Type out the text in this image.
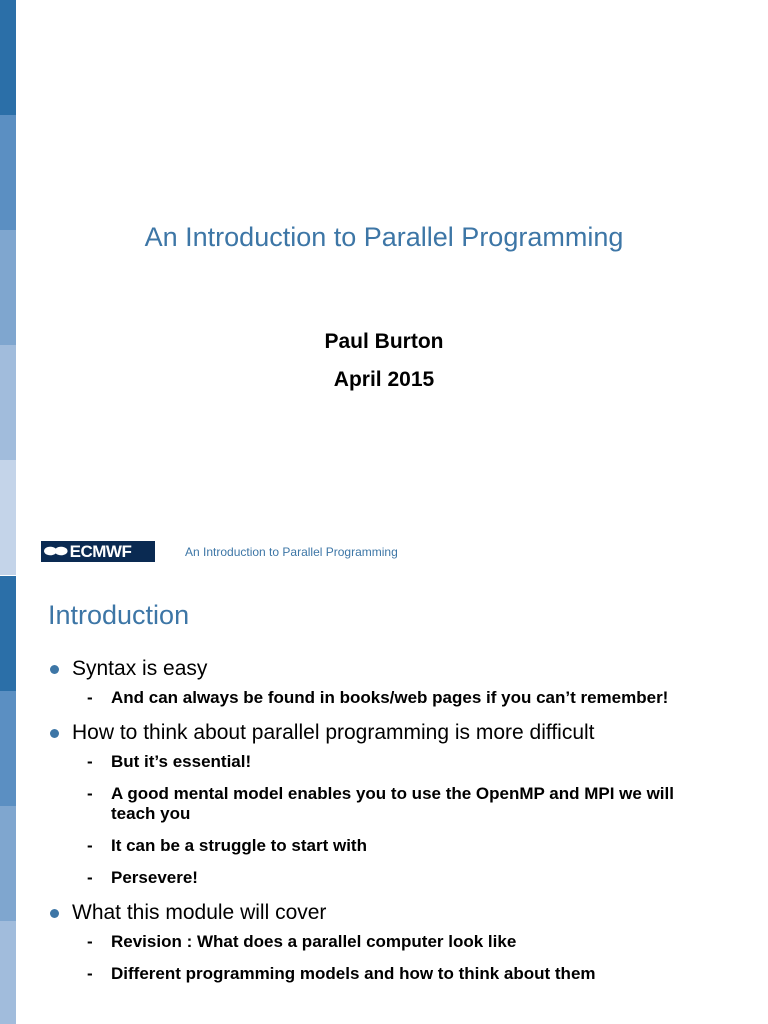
An Introduction to Parallel Programming
Paul Burton
April 2015
⬬⬬ ECMWF	An Introduction to Parallel Programming
Introduction
Syntax is easy
- And can always be found in books/web pages if you can’t remember!
How to think about parallel programming is more difficult
- But it’s essential!
- A good mental model enables you to use the OpenMP and MPI we will teach you
- It can be a struggle to start with
- Persevere!
What this module will cover
- Revision : What does a parallel computer look like
- Different programming models and how to think about them
